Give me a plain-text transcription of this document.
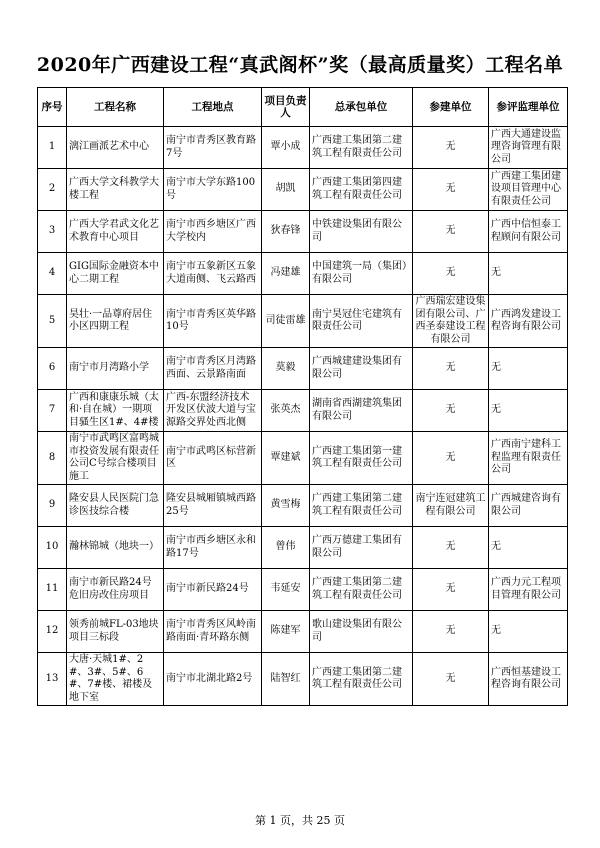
2020年广西建设工程“真武阁杯”奖（最高质量奖）工程名单
序号	工程名称	工程地点	项目负责人	总承包单位	参建单位	参评监理单位
1	漓江画派艺术中心	南宁市青秀区教育路7号	覃小成	广西建工集团第二建筑工程有限责任公司	无	广西大通建设监理咨询管理有限公司
2	广西大学文科教学大楼工程	南宁市大学东路100号	胡凯	广西建工集团第四建筑工程有限责任公司	无	广西建工集团建设项目管理中心有限责任公司
3	广西大学君武文化艺术教育中心项目	南宁市西乡塘区广西大学校内	狄春锋	中铁建设集团有限公司	无	广西中信恒泰工程顾问有限公司
4	GIG国际金融资本中心二期工程	南宁市五象新区五象大道南侧、飞云路西	冯建雄	中国建筑一局（集团）有限公司	无	无
5	昊壮·一品尊府居住小区四期工程	南宁市青秀区英华路10号	司徒雷雄	南宁昊冠住宅建筑有限责任公司	广西瑞宏建设集团有限公司、广西圣泰建设工程有限公司	广西鸿发建设工程咨询有限公司
6	南宁市月湾路小学	南宁市青秀区月湾路西面、云景路南面	莫毅	广西城建建设集团有限公司	无	无
7	广西和康康乐城（太和·自在城）一期项目骚生区1#、4#楼	广西-东盟经济技术开发区伏波大道与宝源路交界处西北侧	张英杰	湖南省西湖建筑集团有限公司	无	无
8	南宁市武鸣区富鸣城市投资发展有限责任公司C号综合楼项目施工	南宁市武鸣区标营新区	覃建斌	广西建工集团第一建筑工程有限责任公司	无	广西南宁建科工程监理有限责任公司
9	隆安县人民医院门急诊医技综合楼	隆安县城厢镇城西路25号	黄雪梅	广西建工集团第二建筑工程有限责任公司	南宁连冠建筑工程有限公司	广西城建咨询有限公司
10	瀚林锦城（地块一）	南宁市西乡塘区永和路17号	曾伟	广西万德建工集团有限公司	无	无
11	南宁市新民路24号危旧房改住房项目	南宁市新民路24号	韦延安	广西建工集团第二建筑工程有限责任公司	无	广西力元工程项目管理有限公司
12	领秀前城FL-03地块项目三标段	南宁市青秀区风岭南路南面·青环路东侧	陈建军	歌山建设集团有限公司	无	无
13	大唐·天城1#、2#、3#、5#、6#、7#楼、裙楼及地下室	南宁市北湖北路2号	陆智红	广西建工集团第二建筑工程有限责任公司	无	广西恒基建设工程咨询有限公司
第 1 页，共 25 页
